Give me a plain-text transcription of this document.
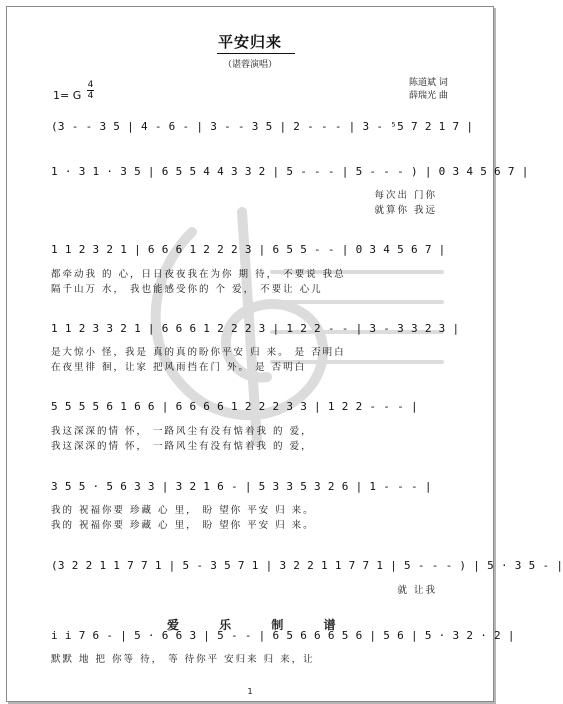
平安归来
（谌蓉演唱）
陈道斌 词
薛瑞光 曲
1= G
4
4
(3 - - 3 5 | 4 - 6 - | 3 - - 3 5 | 2 - - - | 3 - ⁵5 7 2 1 7 |
1 · 3 1 · 3 5 | 6 5 5 4 4 3 3 2 | 5 - - - | 5 - - - ) | 0 3 4 5 6 7 |
每次出 门你
就算你 我远
1 1 2 3 2 1 | 6 6 6 1 2 2 2 3 | 6 5 5 - - | 0 3 4 5 6 7 |
都牵动我 的 心，日日夜夜我在为你 期 待， 不要说 我总
隔千山万 水， 我也能感受你的 个 爱， 不要让 心儿
1 1 2 3 3 2 1 | 6 6 6 1 2 2 2 3 | 1 2 2 - - | 3 - 3 3 2 3 |
是大惊小 怪，我是 真的真的盼你平安 归 来。 是 否明白
在夜里徘 徊，让家 把风雨挡在门 外。 是 否明白
5 5 5 5 6 1 6 6 | 6 6 6 6 1 2 2 2 3 3 | 1 2 2 - - - |
我这深深的情 怀， 一路风尘有没有惦着我 的 爱，
我这深深的情 怀， 一路风尘有没有惦着我 的 爱，
3 5 5 · 5 6 3 3 | 3 2 1 6 - | 5 3 3 5 3 2 6 | 1 - - - |
我的 祝福你要 珍藏 心 里， 盼 望你 平安 归 来。
我的 祝福你要 珍藏 心 里， 盼 望你 平安 归 来。
(3 2 2 1 1 7 7 1 | 5 - 3 5 7 1 | 3 2 2 1 1 7 7 1 | 5 - - - ) | 5 · 3 5 - |
就 让我
爱 乐 制 谱
i i 7 6 - | 5 · 6 6 3 | 5 - - | 6 5 6 6 6 5 6 | 5 6 | 5 · 3 2 · 2 |
默默 地 把 你等 待， 等 待你平 安归来 归 来，让
1
